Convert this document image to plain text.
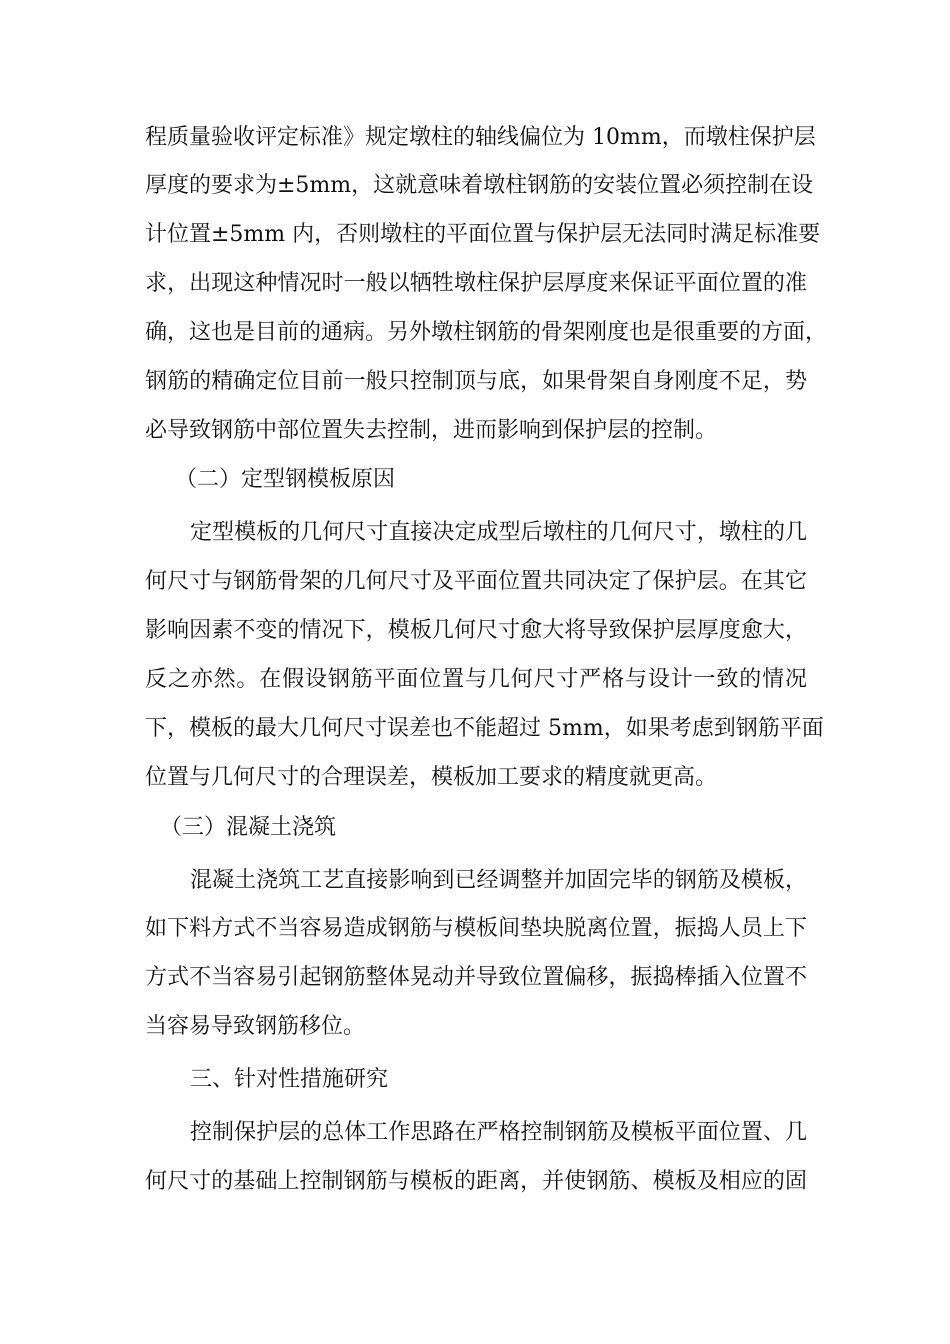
程质量验收评定标准》规定墩柱的轴线偏位为 10mm，而墩柱保护层
厚度的要求为±5mm，这就意味着墩柱钢筋的安装位置必须控制在设
计位置±5mm 内，否则墩柱的平面位置与保护层无法同时满足标准要
求，出现这种情况时一般以牺牲墩柱保护层厚度来保证平面位置的准
确，这也是目前的通病。另外墩柱钢筋的骨架刚度也是很重要的方面，
钢筋的精确定位目前一般只控制顶与底，如果骨架自身刚度不足，势
必导致钢筋中部位置失去控制，进而影响到保护层的控制。
（二）定型钢模板原因
定型模板的几何尺寸直接决定成型后墩柱的几何尺寸，墩柱的几
何尺寸与钢筋骨架的几何尺寸及平面位置共同决定了保护层。在其它
影响因素不变的情况下，模板几何尺寸愈大将导致保护层厚度愈大，
反之亦然。在假设钢筋平面位置与几何尺寸严格与设计一致的情况
下，模板的最大几何尺寸误差也不能超过 5mm，如果考虑到钢筋平面
位置与几何尺寸的合理误差，模板加工要求的精度就更高。
（三）混凝土浇筑
混凝土浇筑工艺直接影响到已经调整并加固完毕的钢筋及模板，
如下料方式不当容易造成钢筋与模板间垫块脱离位置，振捣人员上下
方式不当容易引起钢筋整体晃动并导致位置偏移，振捣棒插入位置不
当容易导致钢筋移位。
三、针对性措施研究
控制保护层的总体工作思路在严格控制钢筋及模板平面位置、几
何尺寸的基础上控制钢筋与模板的距离，并使钢筋、模板及相应的固
